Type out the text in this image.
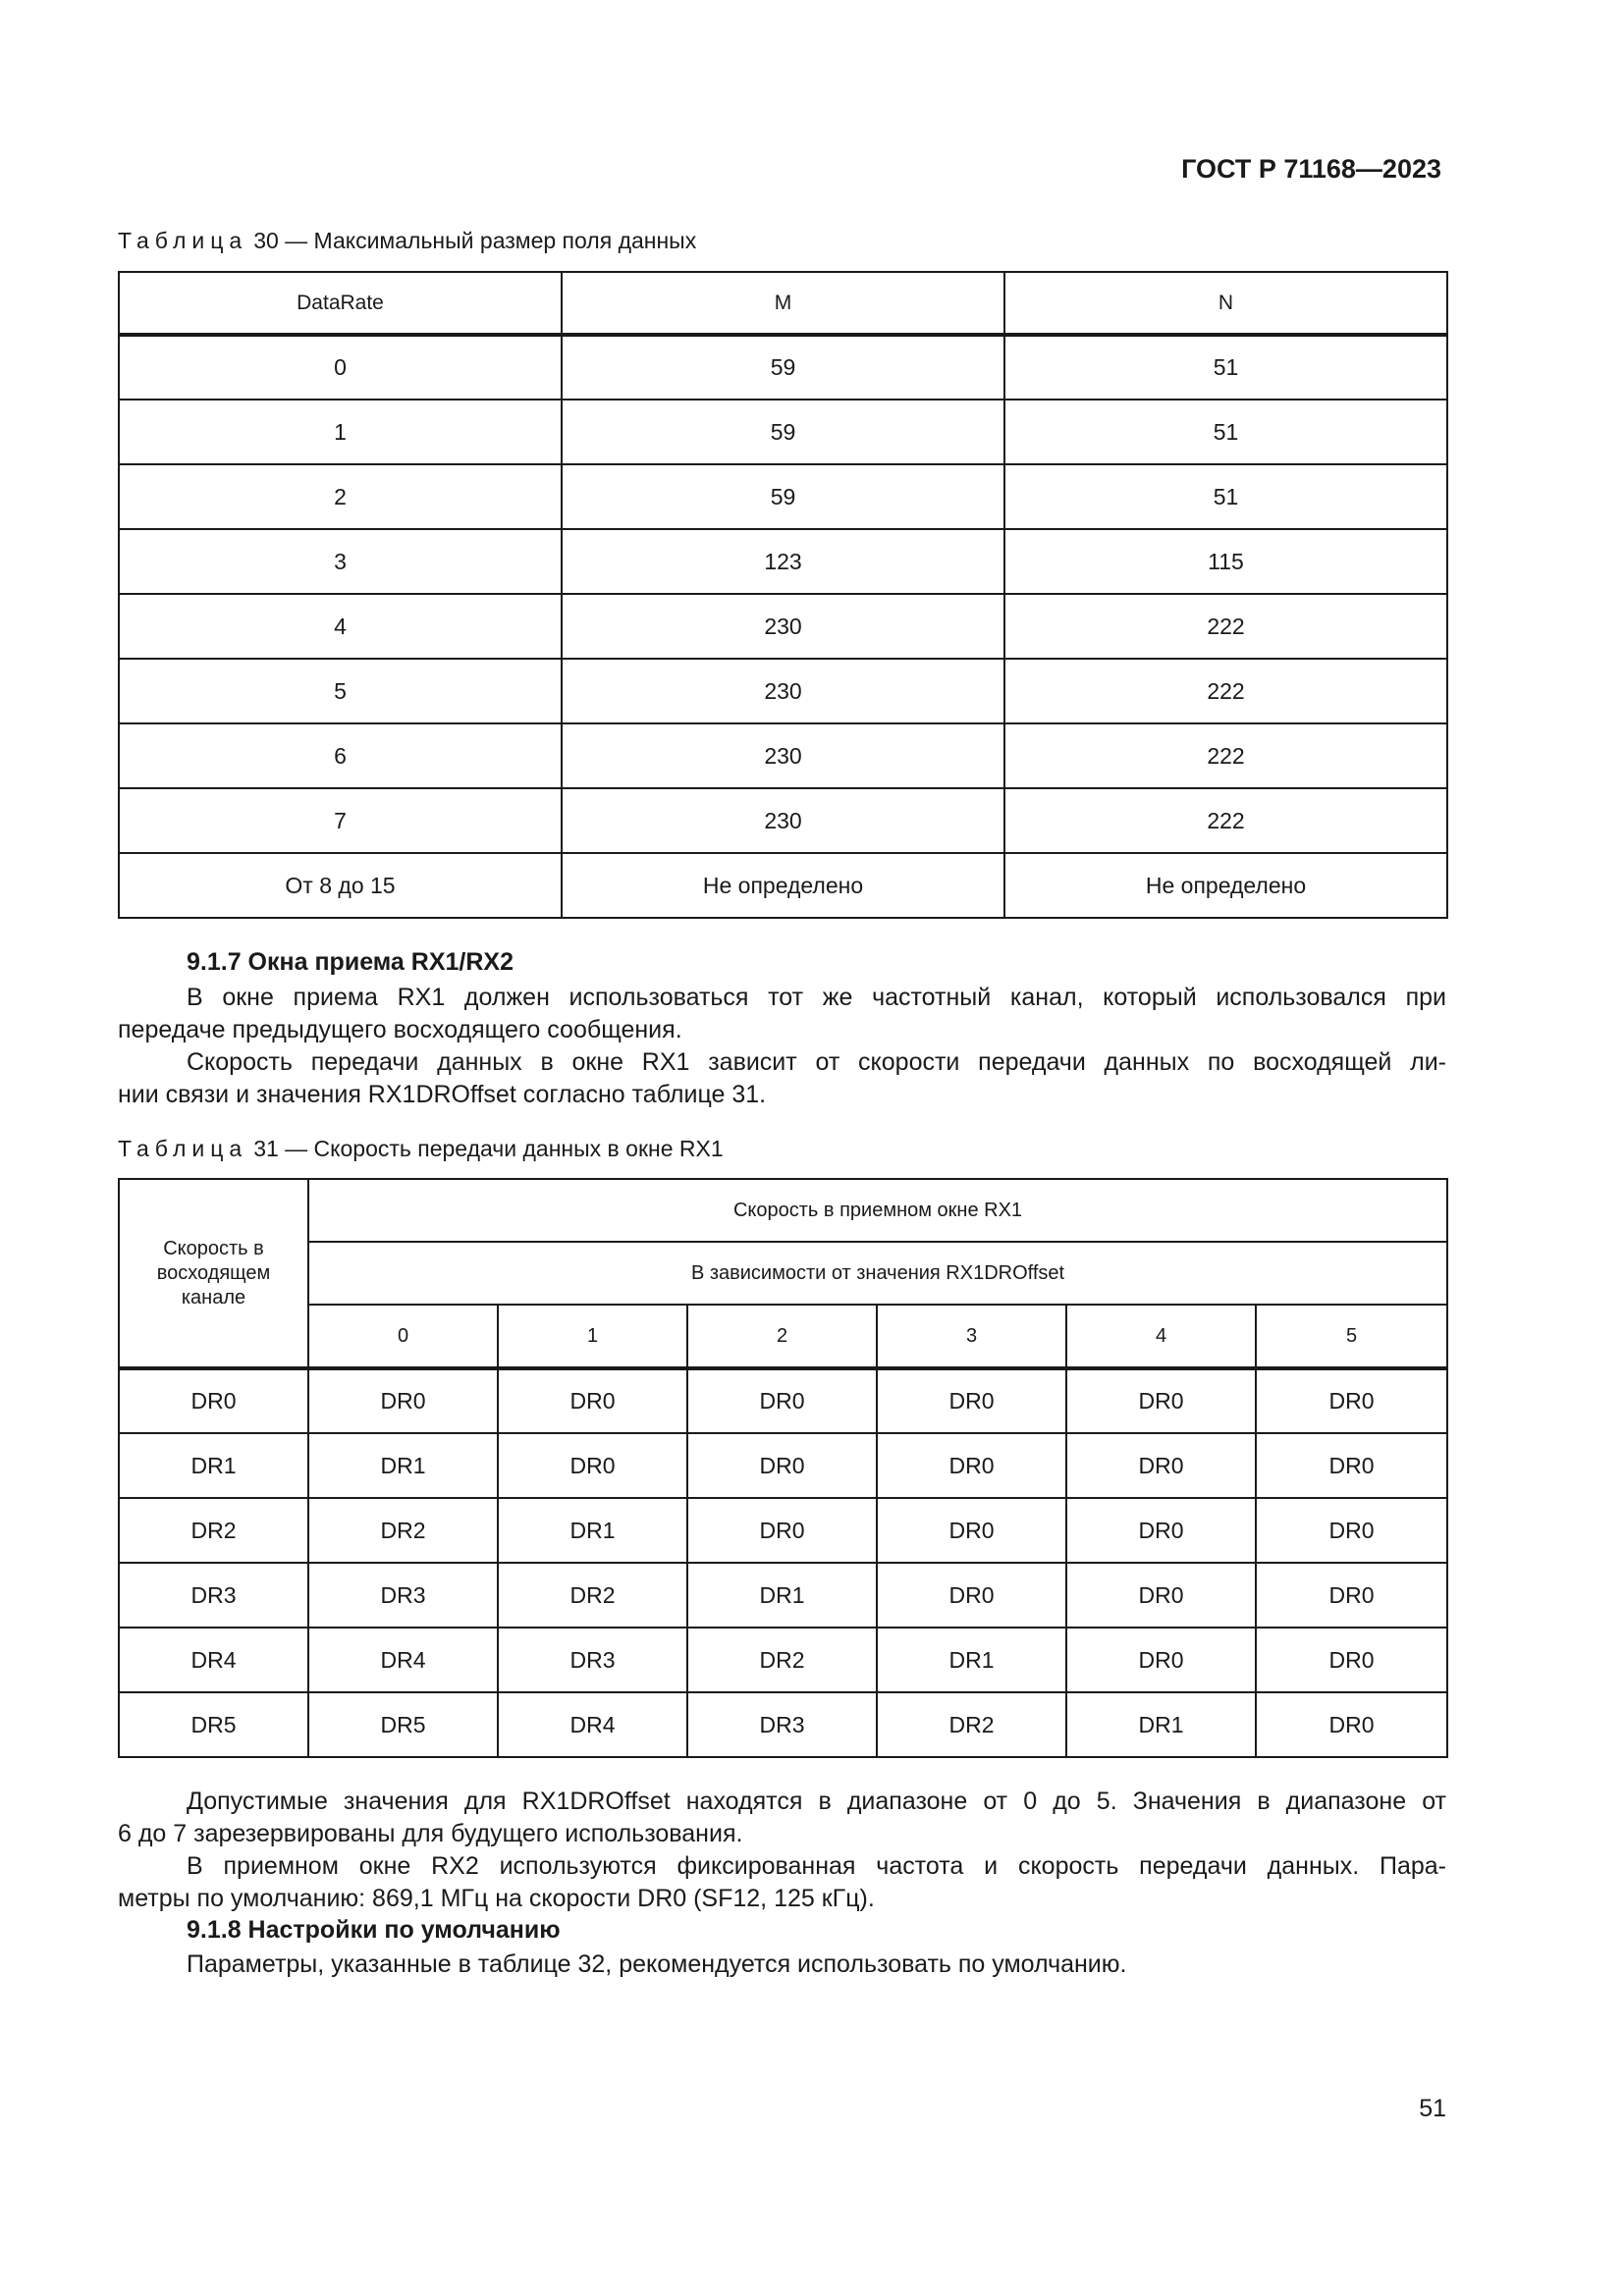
ГОСТ Р 71168—2023
Таблица 30 — Максимальный размер поля данных
DataRate	M	N
0	59	51
1	59	51
2	59	51
3	123	115
4	230	222
5	230	222
6	230	222
7	230	222
От 8 до 15	Не определено	Не определено
9.1.7 Окна приема RX1/RX2

В окне приема RX1 должен использоваться тот же частотный канал, который использовался при

передаче предыдущего восходящего сообщения.

Скорость передачи данных в окне RX1 зависит от скорости передачи данных по восходящей ли-

нии связи и значения RX1DROffset согласно таблице 31.

Таблица 31 — Скорость передачи данных в окне RX1
Скорость в восходящем канале	Скорость в приемном окне RX1					
	В зависимости от значения RX1DROffset					
	0	1	2	3	4	5
DR0	DR0	DR0	DR0	DR0	DR0	DR0
DR1	DR1	DR0	DR0	DR0	DR0	DR0
DR2	DR2	DR1	DR0	DR0	DR0	DR0
DR3	DR3	DR2	DR1	DR0	DR0	DR0
DR4	DR4	DR3	DR2	DR1	DR0	DR0
DR5	DR5	DR4	DR3	DR2	DR1	DR0

Допустимые значения для RX1DROffset находятся в диапазоне от 0 до 5. Значения в диапазоне от

6 до 7 зарезервированы для будущего использования.

В приемном окне RX2 используются фиксированная частота и скорость передачи данных. Пара-

метры по умолчанию: 869,1 МГц на скорости DR0 (SF12, 125 кГц).

9.1.8 Настройки по умолчанию

Параметры, указанные в таблице 32, рекомендуется использовать по умолчанию.

51
